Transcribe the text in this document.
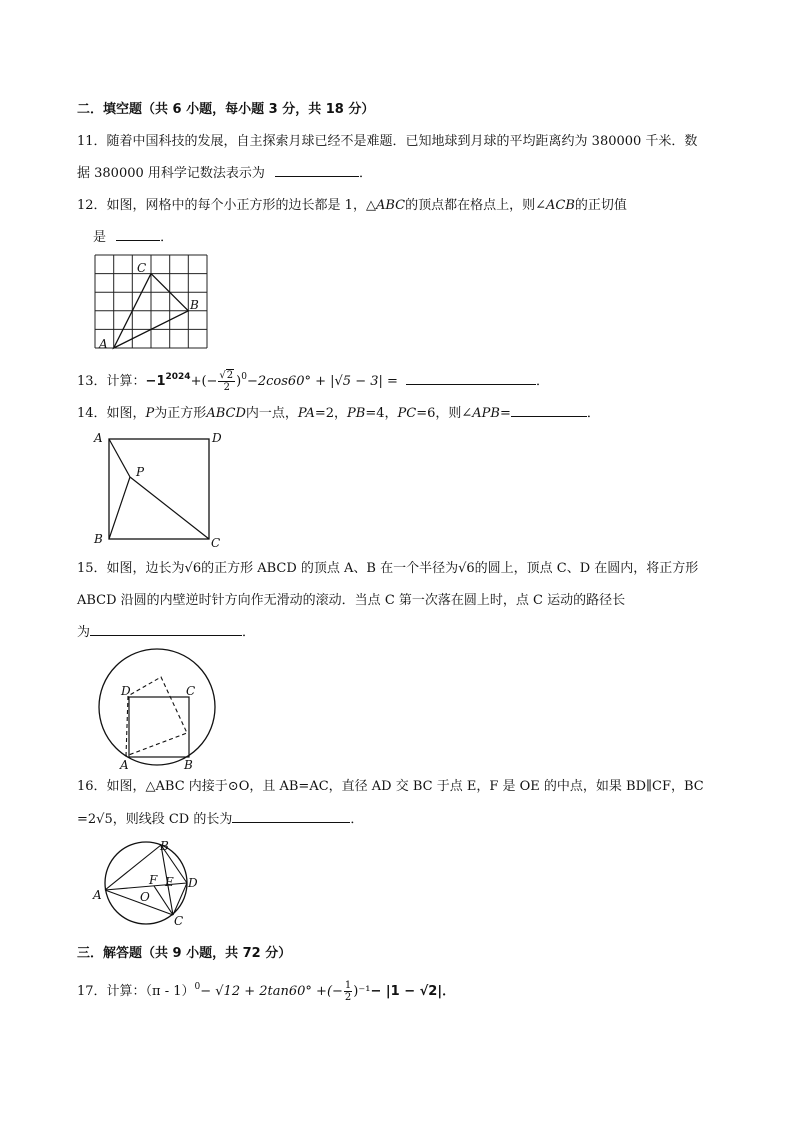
二．填空题（共 6 小题，每小题 3 分，共 18 分）
11．随着中国科技的发展，自主探索月球已经不是难题．已知地球到月球的平均距离约为 380000 千米．数
据 380000 用科学记数法表示为	．
12．如图，网格中的每个小正方形的边长都是 1，△ABC的顶点都在格点上，则∠ACB的正切值
是	．
A
B
C
13．计算：$-1^{2024}+(- \frac{√2}{2} )^0-2\cos 60^\circ + |√5 - 3|$ =	．
14．如图，P为正方形ABCD内一点，PA=2，PB=4，PC=6，则∠APB=	．
A	D
B	C
P
15．如图，边长为√6的正方形 ABCD 的顶点 A、B 在一个半径为√6的圆上，顶点 C、D 在圆内，将正方形
ABCD 沿圆的内壁逆时针方向作无滑动的滚动．当点 C 第一次落在圆上时，点 C 运动的路径长
为	．
A	B
C
D
16．如图，△ABC 内接于⊙O，且 AB=AC，直径 AD 交 BC 于点 E，F 是 OE 的中点，如果 BD∥CF，BC
=2√5，则线段 CD 的长为	．
A
B
C
D
E
F
O
三．解答题（共 9 小题，共 72 分）
17．计算：（π - 1）$^0$− √12 + 2tan60° +(− $\frac{1}{2} )^{-1}- |1 - √2|$．
